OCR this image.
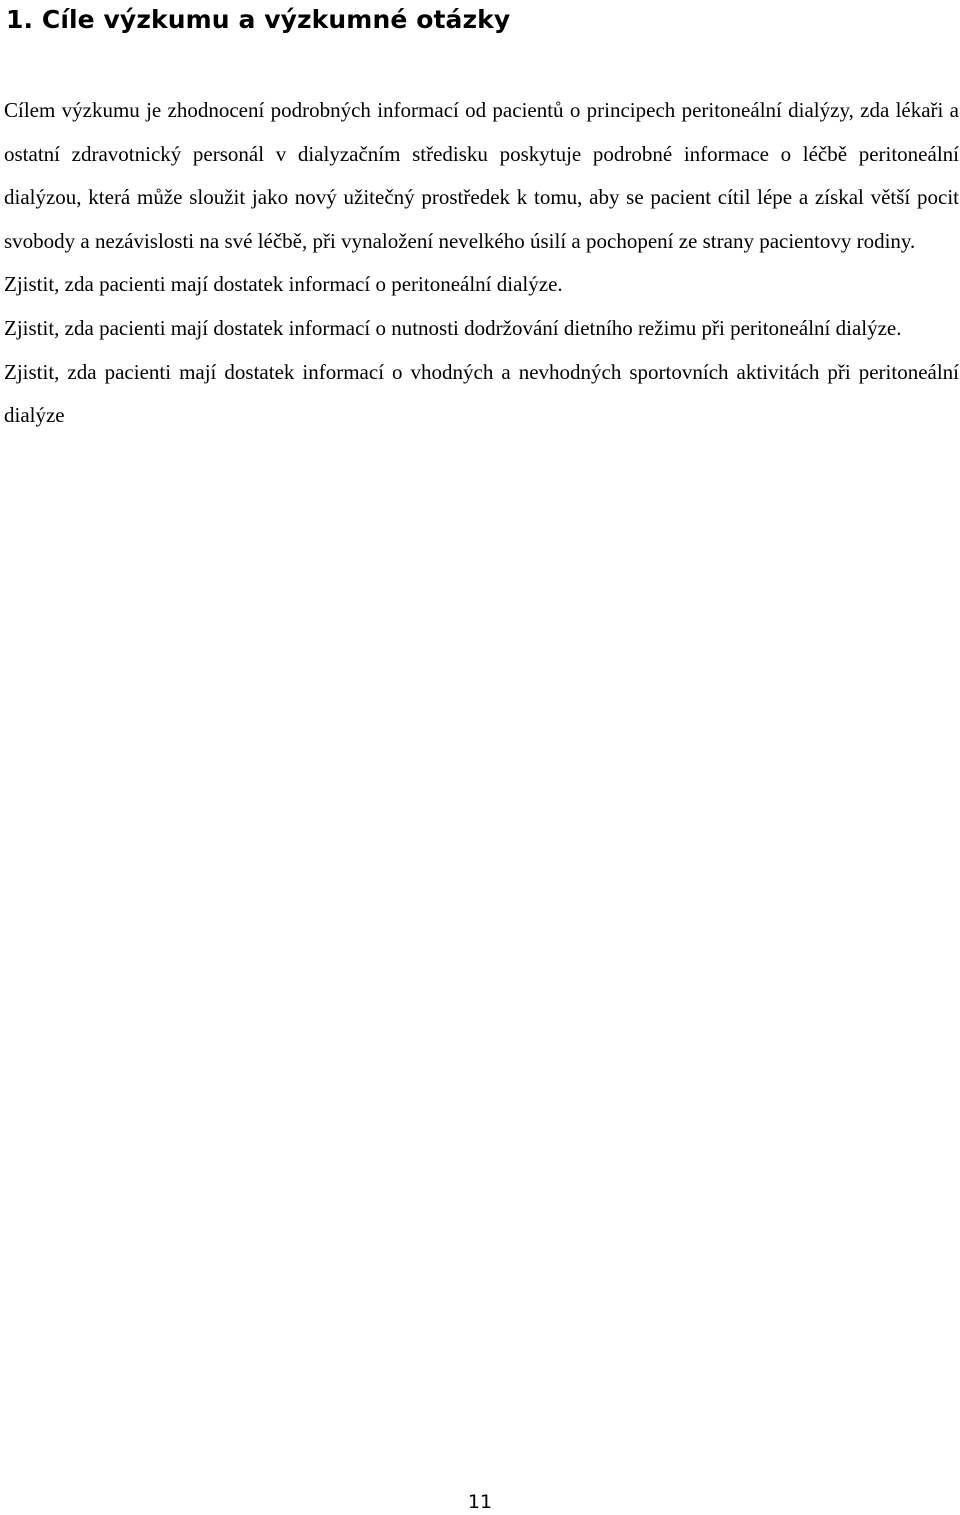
1. Cíle výzkumu a výzkumné otázky

Cílem výzkumu je zhodnocení podrobných informací od pacientů o principech peritoneální dialýzy, zda lékaři a ostatní zdravotnický personál v dialyzačním středisku poskytuje podrobné informace o léčbě peritoneální dialýzou, která může sloužit jako nový užitečný prostředek k tomu, aby se pacient cítil lépe a získal větší pocit svobody a nezávislosti na své léčbě, při vynaložení nevelkého úsilí a pochopení ze strany pacientovy rodiny.

Zjistit, zda pacienti mají dostatek informací o peritoneální dialýze.

Zjistit, zda pacienti mají dostatek informací o nutnosti dodržování dietního režimu při peritoneální dialýze.

Zjistit, zda pacienti mají dostatek informací o vhodných a nevhodných sportovních aktivitách při peritoneální dialýze

11
